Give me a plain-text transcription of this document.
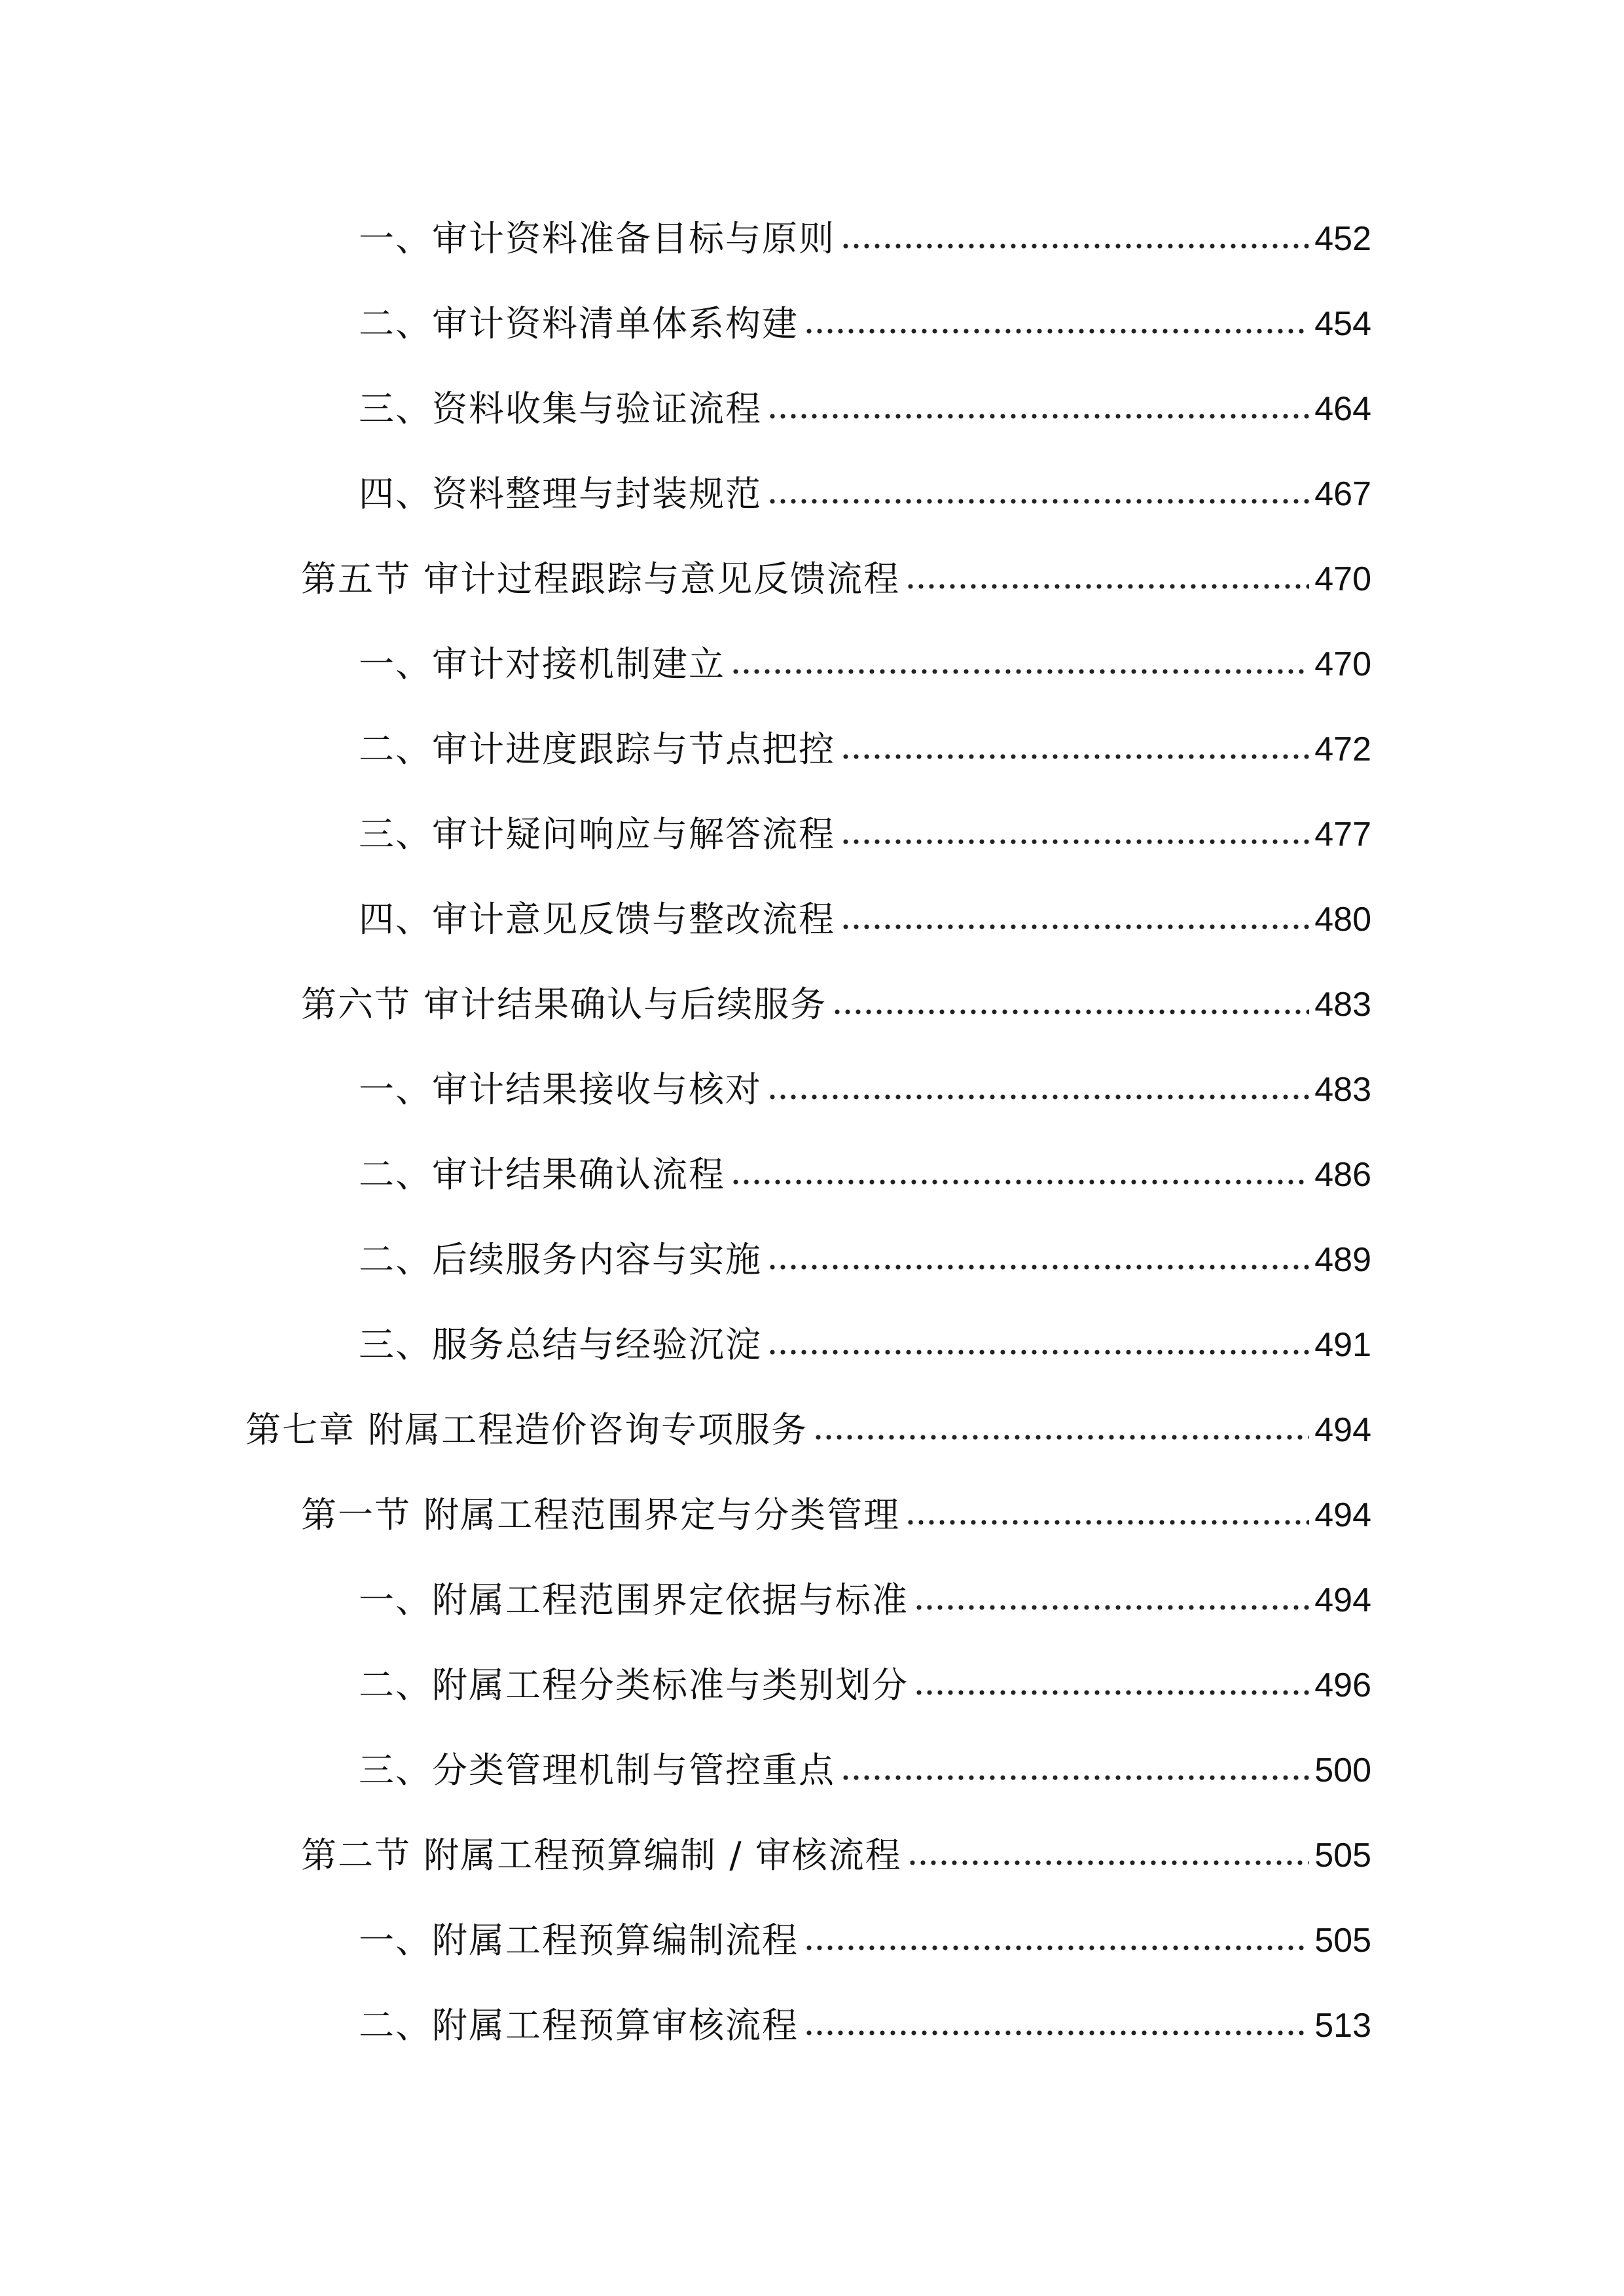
一、审计资料准备目标与原则	452
二、审计资料清单体系构建	454
三、资料收集与验证流程	464
四、资料整理与封装规范	467
第五节 审计过程跟踪与意见反馈流程	470
一、审计对接机制建立	470
二、审计进度跟踪与节点把控	472
三、审计疑问响应与解答流程	477
四、审计意见反馈与整改流程	480
第六节 审计结果确认与后续服务	483
一、审计结果接收与核对	483
二、审计结果确认流程	486
二、后续服务内容与实施	489
三、服务总结与经验沉淀	491
第七章 附属工程造价咨询专项服务	494
第一节 附属工程范围界定与分类管理	494
一、附属工程范围界定依据与标准	494
二、附属工程分类标准与类别划分	496
三、分类管理机制与管控重点	500
第二节 附属工程预算编制 / 审核流程	505
一、附属工程预算编制流程	505
二、附属工程预算审核流程	513
